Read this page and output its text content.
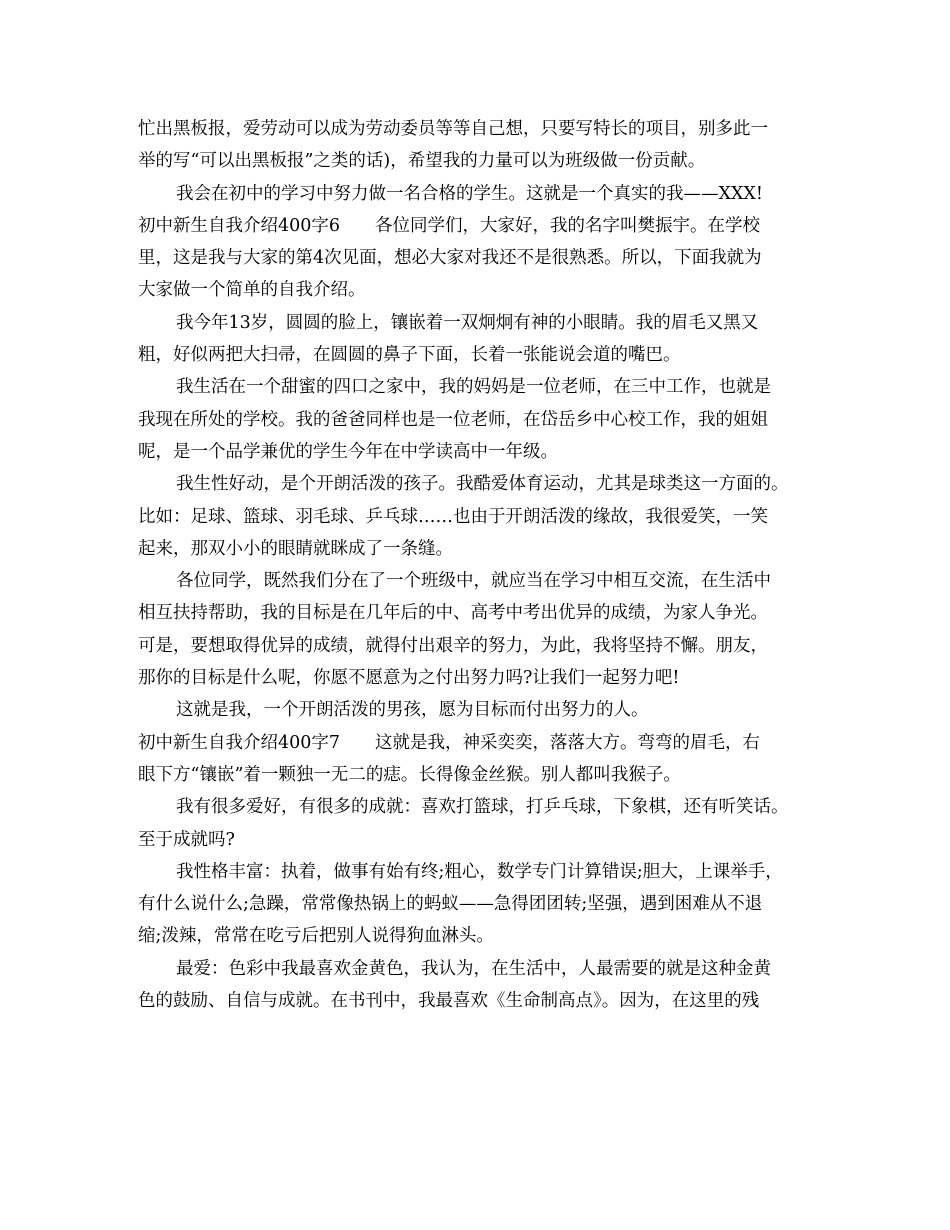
忙出黑板报，爱劳动可以成为劳动委员等等自己想，只要写特长的项目，别多此一
举的写“可以出黑板报”之类的话)，希望我的力量可以为班级做一份贡献。
我会在初中的学习中努力做一名合格的学生。这就是一个真实的我——XXX!
初中新生自我介绍400字6　　各位同学们，大家好，我的名字叫樊振宇。在学校
里，这是我与大家的第4次见面，想必大家对我还不是很熟悉。所以，下面我就为
大家做一个简单的自我介绍。
我今年13岁，圆圆的脸上，镶嵌着一双炯炯有神的小眼睛。我的眉毛又黑又
粗，好似两把大扫帚，在圆圆的鼻子下面，长着一张能说会道的嘴巴。
我生活在一个甜蜜的四口之家中，我的妈妈是一位老师，在三中工作，也就是
我现在所处的学校。我的爸爸同样也是一位老师，在岱岳乡中心校工作，我的姐姐
呢，是一个品学兼优的学生今年在中学读高中一年级。
我生性好动，是个开朗活泼的孩子。我酷爱体育运动，尤其是球类这一方面的。
比如：足球、篮球、羽毛球、乒乓球……也由于开朗活泼的缘故，我很爱笑，一笑
起来，那双小小的眼睛就眯成了一条缝。
各位同学，既然我们分在了一个班级中，就应当在学习中相互交流，在生活中
相互扶持帮助，我的目标是在几年后的中、高考中考出优异的成绩，为家人争光。
可是，要想取得优异的成绩，就得付出艰辛的努力，为此，我将坚持不懈。朋友，
那你的目标是什么呢，你愿不愿意为之付出努力吗?让我们一起努力吧!
这就是我，一个开朗活泼的男孩，愿为目标而付出努力的人。
初中新生自我介绍400字7　　这就是我，神采奕奕，落落大方。弯弯的眉毛，右
眼下方“镶嵌”着一颗独一无二的痣。长得像金丝猴。别人都叫我猴子。
我有很多爱好，有很多的成就：喜欢打篮球，打乒乓球，下象棋，还有听笑话。
至于成就吗?
我性格丰富：执着，做事有始有终;粗心，数学专门计算错误;胆大，上课举手，
有什么说什么;急躁，常常像热锅上的蚂蚁——急得团团转;坚强，遇到困难从不退
缩;泼辣，常常在吃亏后把别人说得狗血淋头。
最爱：色彩中我最喜欢金黄色，我认为，在生活中，人最需要的就是这种金黄
色的鼓励、自信与成就。在书刊中，我最喜欢《生命制高点》。因为，在这里的残
